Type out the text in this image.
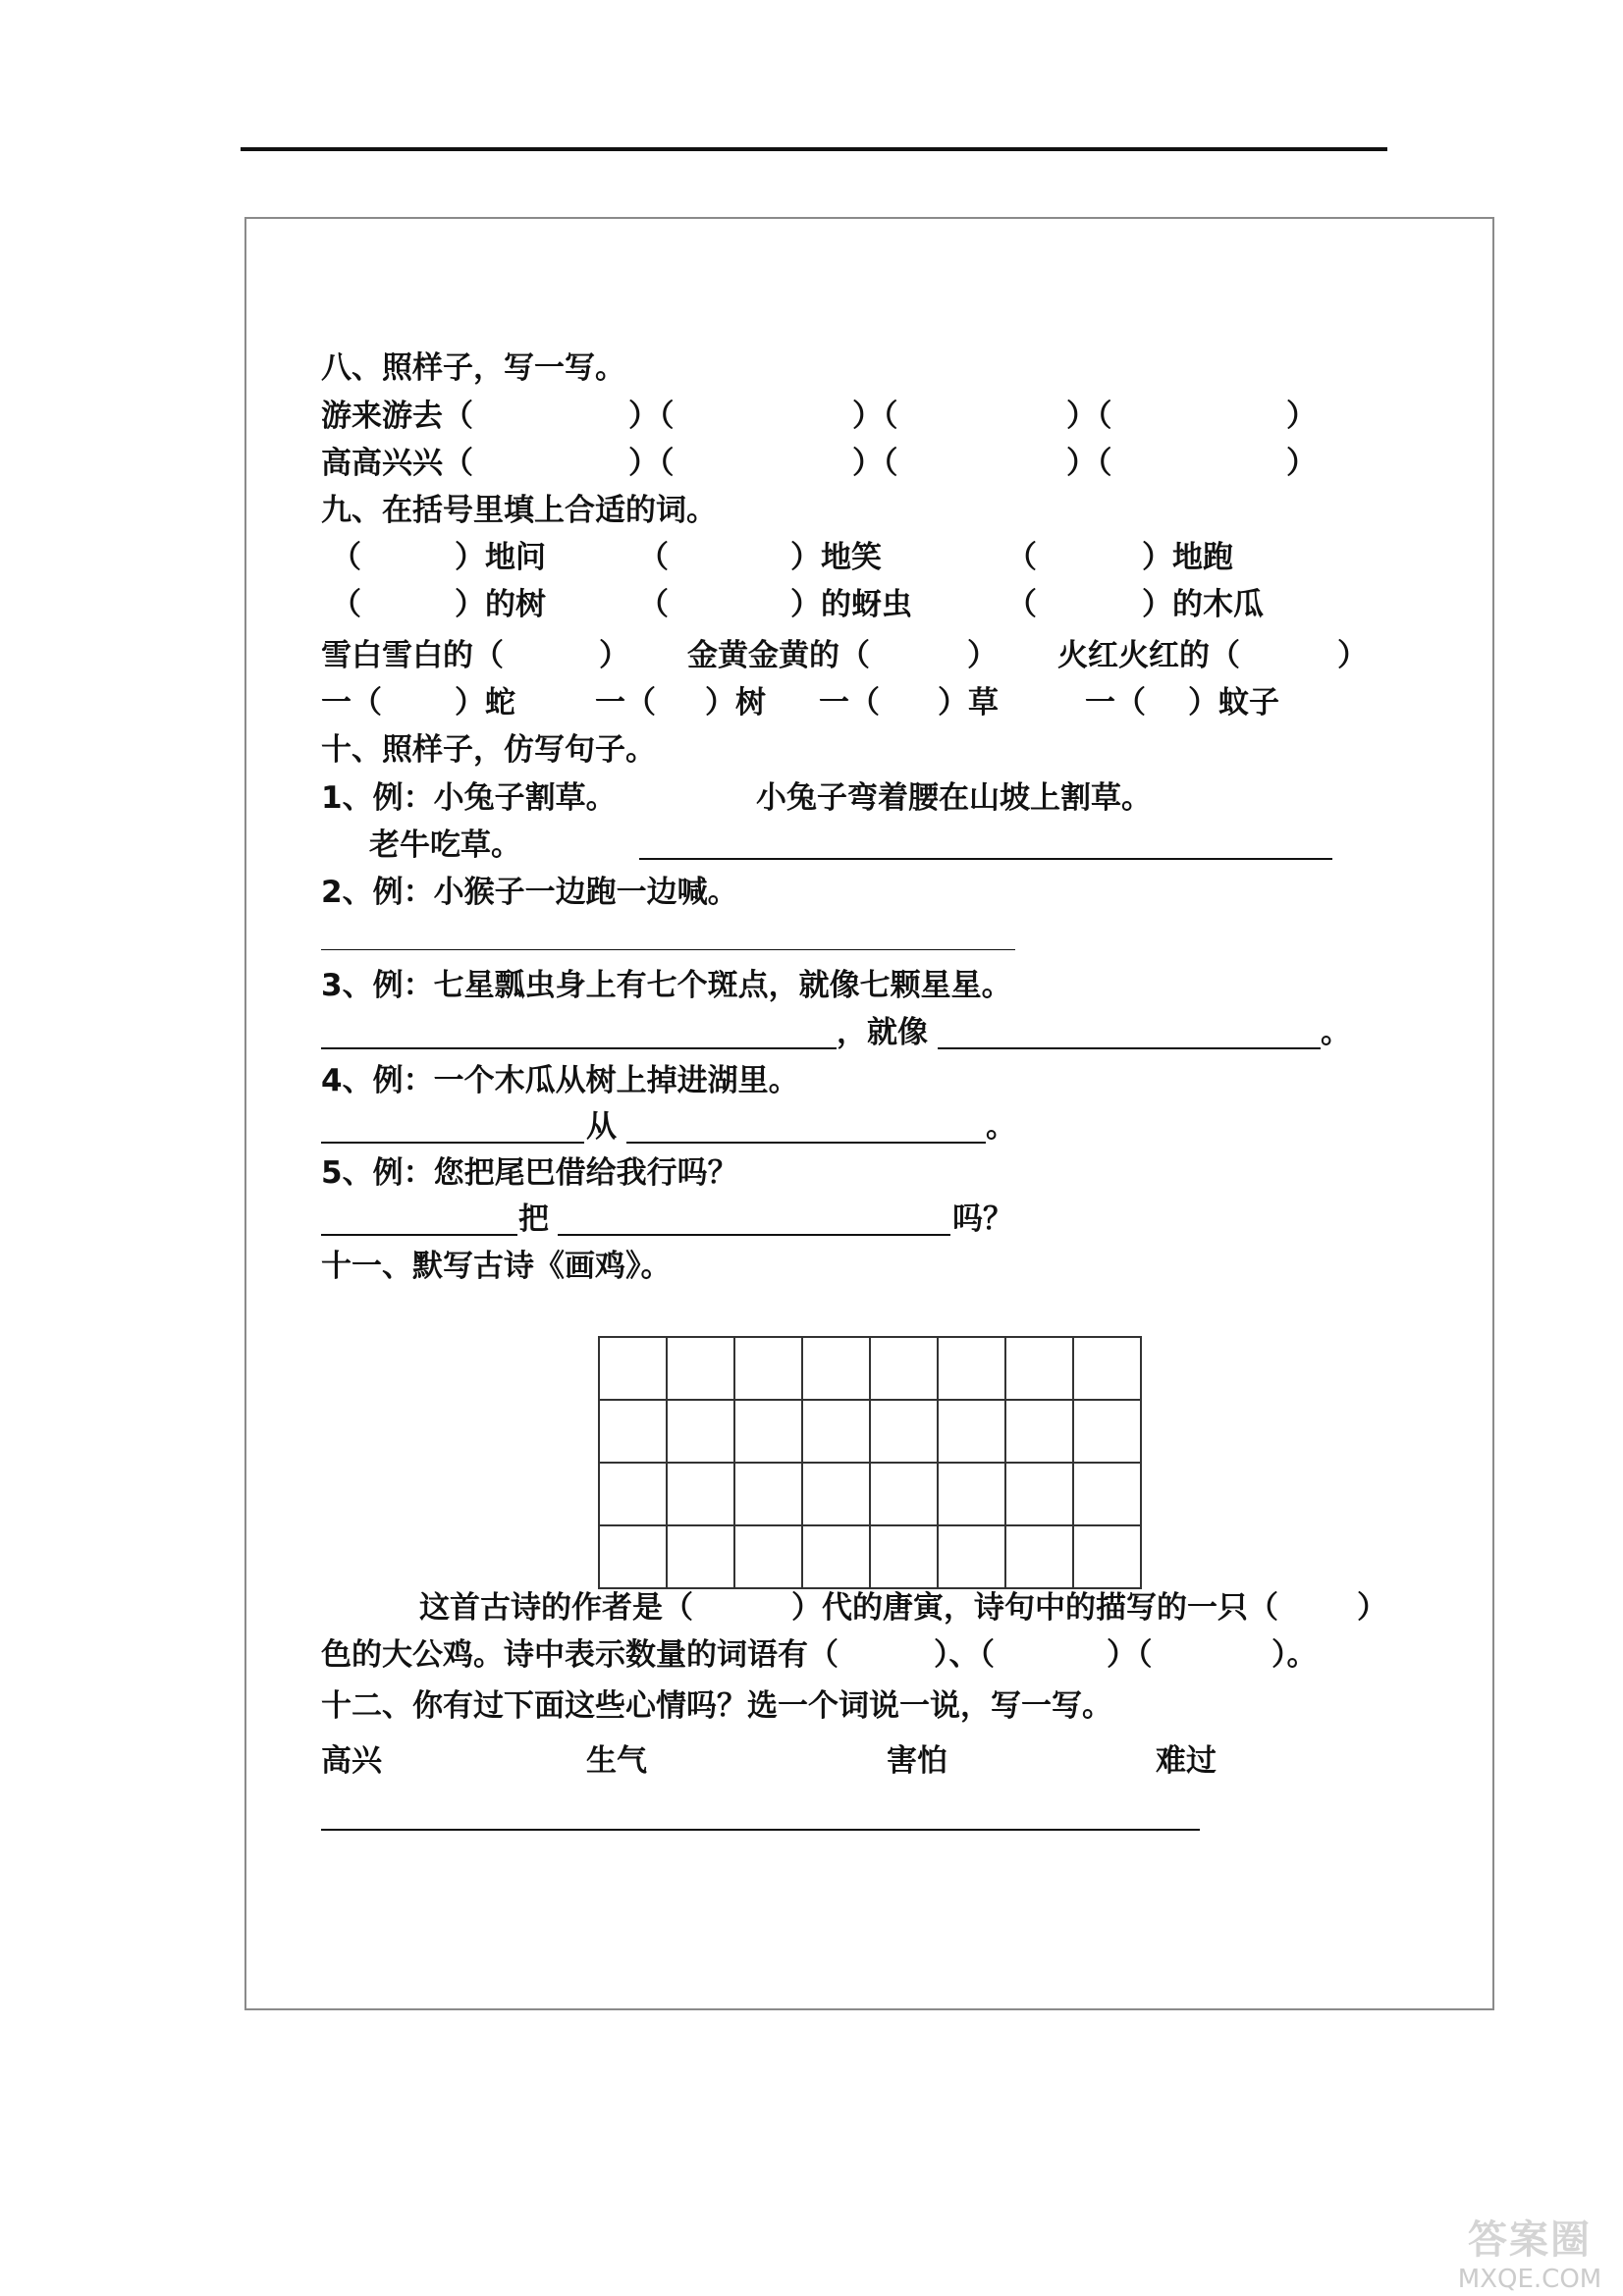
八、照样子，写一写。
游来游去（	）（	）（	）（	）
高高兴兴（	）（	）（	）（	）
九、在括号里填上合适的词。
（	）地问	（	）地笑	（	）地跑
（	）的树	（	）的蚜虫	（	）的木瓜
雪白雪白的（	） 金黄金黄的（	） 火红火红的（	）
一（ ）蛇	一（ ）树 一（ ）草	一（ ）蚊子
十、照样子，仿写句子。
1、例：小兔子割草。	小兔子弯着腰在山坡上割草。
老牛吃草。
2、例：小猴子一边跑一边喊。
3、例：七星瓢虫身上有七个斑点，就像七颗星星。
，就像	。
4、例：一个木瓜从树上掉进湖里。
从	。
5、例：您把尾巴借给我行吗？
把	吗？
十一、默写古诗《画鸡》。

这首古诗的作者是（	）代的唐寅，诗句中的描写的一只（	）
色的大公鸡。诗中表示数量的词语有（	）、（	）（	）。
十二、你有过下面这些心情吗？选一个词说一说，写一写。
高兴	生气	害怕	难过
答案圈
MXQE.COM
